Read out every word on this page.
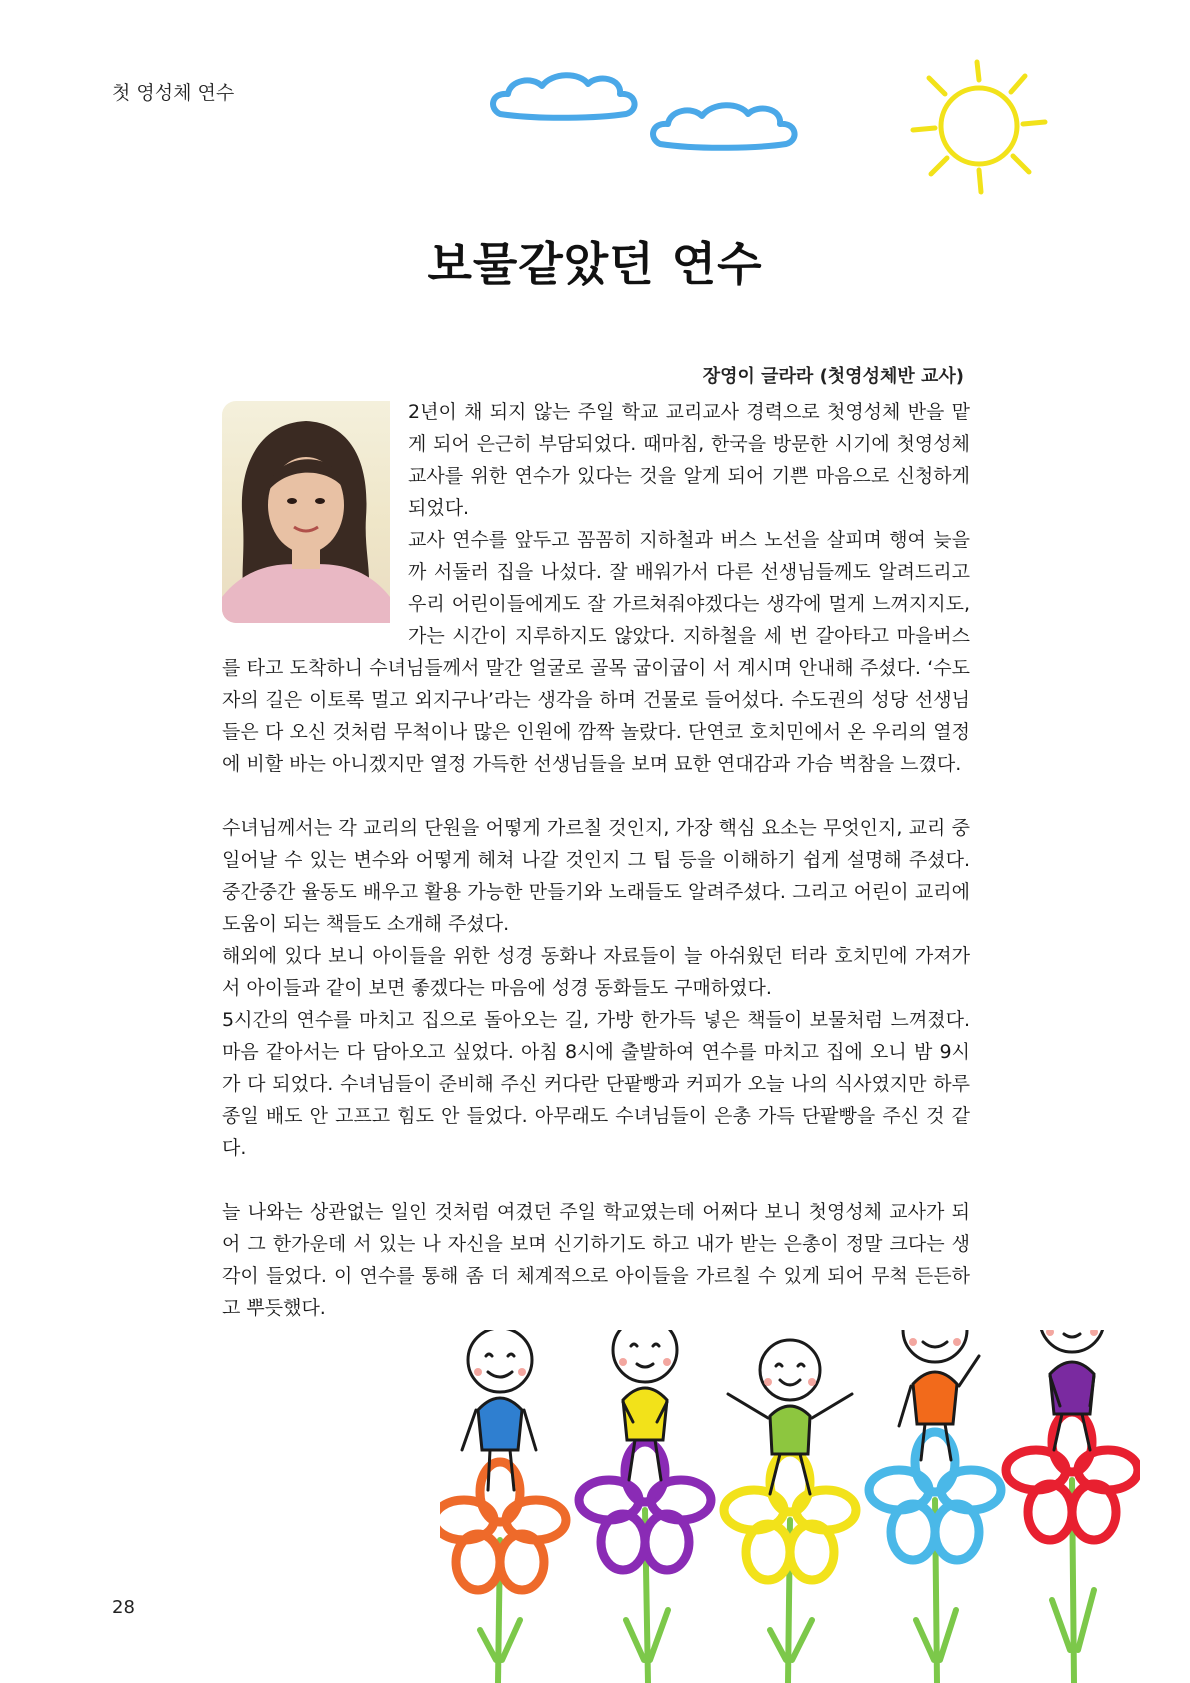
첫 영성체 연수
보물같았던 연수
장영이 글라라 (첫영성체반 교사)

2년이 채 되지 않는 주일 학교 교리교사 경력으로 첫영성체 반을 맡게 되어 은근히 부담되었다. 때마침, 한국을 방문한 시기에 첫영성체 교사를 위한 연수가 있다는 것을 알게 되어 기쁜 마음으로 신청하게 되었다.

교사 연수를 앞두고 꼼꼼히 지하철과 버스 노선을 살피며 행여 늦을까 서둘러 집을 나섰다. 잘 배워가서 다른 선생님들께도 알려드리고 우리 어린이들에게도 잘 가르쳐줘야겠다는 생각에 멀게 느껴지지도, 가는 시간이 지루하지도 않았다. 지하철을 세 번 갈아타고 마을버스를 타고 도착하니 수녀님들께서 말간 얼굴로 골목 굽이굽이 서 계시며 안내해 주셨다. ‘수도자의 길은 이토록 멀고 외지구나’라는 생각을 하며 건물로 들어섰다. 수도권의 성당 선생님들은 다 오신 것처럼 무척이나 많은 인원에 깜짝 놀랐다. 단연코 호치민에서 온 우리의 열정에 비할 바는 아니겠지만 열정 가득한 선생님들을 보며 묘한 연대감과 가슴 벅참을 느꼈다.

수녀님께서는 각 교리의 단원을 어떻게 가르칠 것인지, 가장 핵심 요소는 무엇인지, 교리 중 일어날 수 있는 변수와 어떻게 헤쳐 나갈 것인지 그 팁 등을 이해하기 쉽게 설명해 주셨다. 중간중간 율동도 배우고 활용 가능한 만들기와 노래들도 알려주셨다. 그리고 어린이 교리에 도움이 되는 책들도 소개해 주셨다.

해외에 있다 보니 아이들을 위한 성경 동화나 자료들이 늘 아쉬웠던 터라 호치민에 가져가서 아이들과 같이 보면 좋겠다는 마음에 성경 동화들도 구매하였다.

5시간의 연수를 마치고 집으로 돌아오는 길, 가방 한가득 넣은 책들이 보물처럼 느껴졌다. 마음 같아서는 다 담아오고 싶었다. 아침 8시에 출발하여 연수를 마치고 집에 오니 밤 9시가 다 되었다. 수녀님들이 준비해 주신 커다란 단팥빵과 커피가 오늘 나의 식사였지만 하루 종일 배도 안 고프고 힘도 안 들었다. 아무래도 수녀님들이 은총 가득 단팥빵을 주신 것 같다.

늘 나와는 상관없는 일인 것처럼 여겼던 주일 학교였는데 어쩌다 보니 첫영성체 교사가 되어 그 한가운데 서 있는 나 자신을 보며 신기하기도 하고 내가 받는 은총이 정말 크다는 생각이 들었다. 이 연수를 통해 좀 더 체계적으로 아이들을 가르칠 수 있게 되어 무척 든든하고 뿌듯했다.

28
